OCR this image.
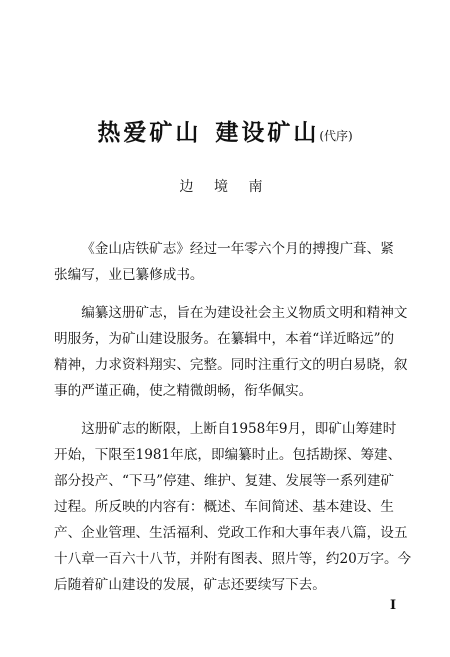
热爱矿山 建设矿山(代序)
边 境 南
《金山店铁矿志》经过一年零六个月的搏搜广葺、紧
张编写，业已纂修成书。
编纂这册矿志，旨在为建设社会主义物质文明和精神文
明服务，为矿山建设服务。在纂辑中，本着“详近略远”的
精神，力求资料翔实、完整。同时注重行文的明白易晓，叙
事的严谨正确，使之精微朗畅，衔华佩实。
这册矿志的断限，上断自1958年9月，即矿山筹建时
开始，下限至1981年底，即编纂时止。包括勘探、筹建、
部分投产、“下马”停建、维护、复建、发展等一系列建矿
过程。所反映的内容有：概述、车间简述、基本建设、生
产、企业管理、生活福利、党政工作和大事年表八篇，设五
十八章一百六十八节，并附有图表、照片等，约20万字。今
后随着矿山建设的发展，矿志还要续写下去。
I
